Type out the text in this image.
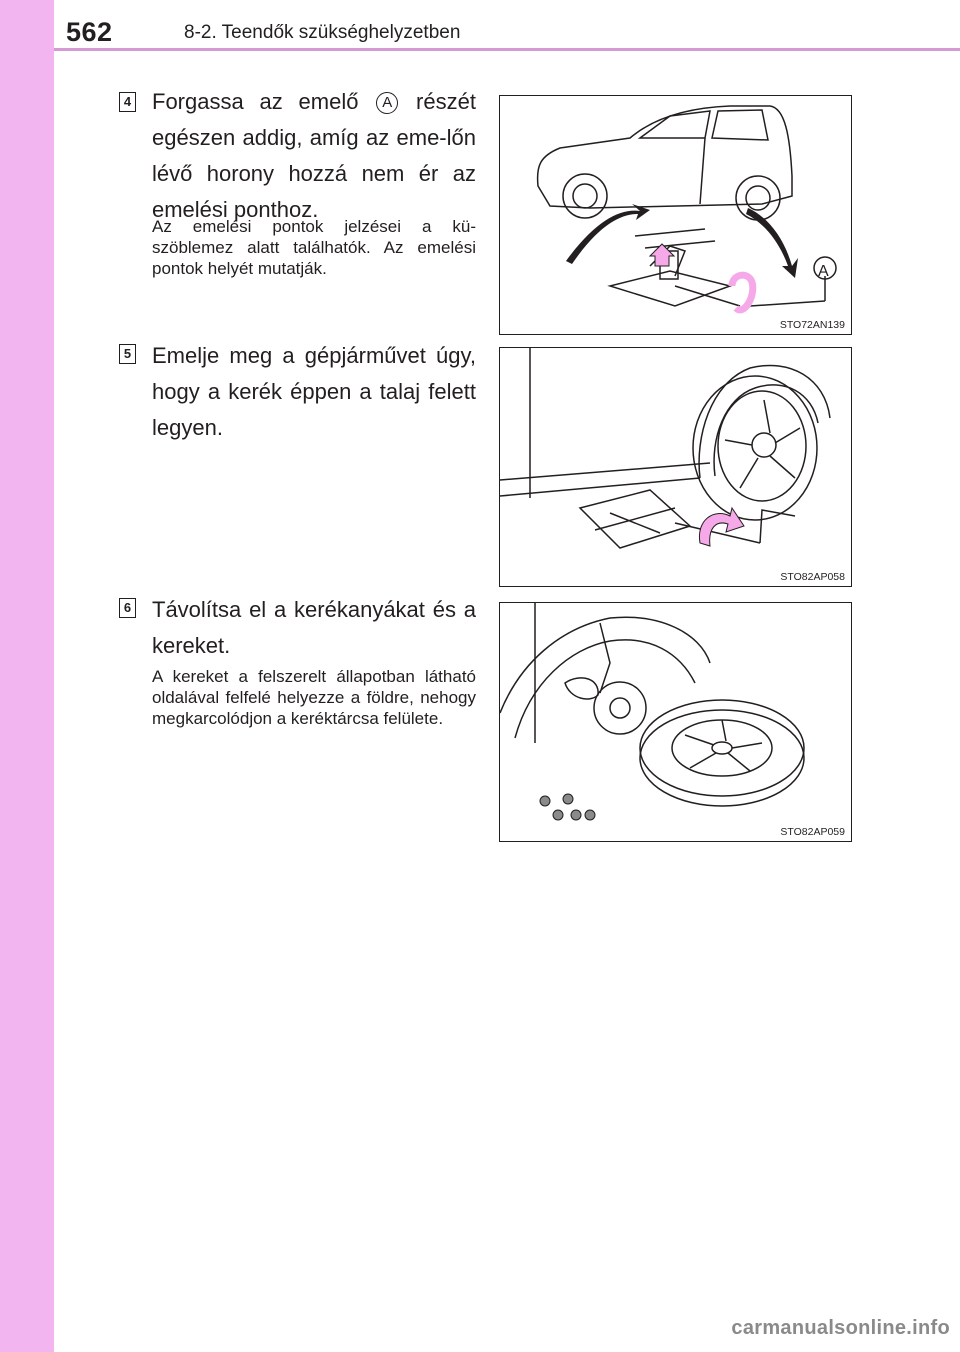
562	8-2. Teendők szükséghelyzetben
4 Forgassa az emelő A részét egészen addig, amíg az eme-lőn lévő horony hozzá nem ér az emelési ponthoz.
Az emelési pontok jelzései a kü-szöblemez alatt találhatók. Az emelési pontok helyét mutatják.	A
STO72AN139
5 Emelje meg a gépjárművet úgy, hogy a kerék éppen a talaj felett legyen.
STO82AP058
6 Távolítsa el a kerékanyákat és a kereket.
A kereket a felszerelt állapotban látható oldalával felfelé helyezze a földre, nehogy megkarcolódjon a keréktárcsa felülete.
STO82AP059
carmanualsonline.info
